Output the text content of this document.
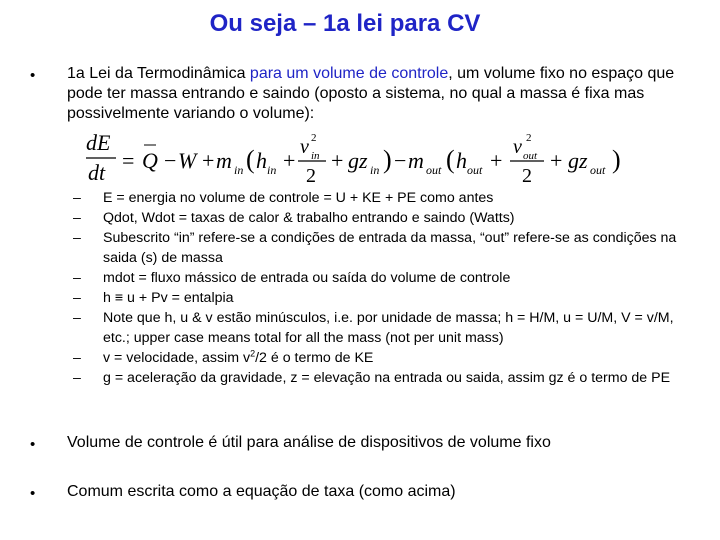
Ou seja – 1a lei para CV
• 1a Lei da Termodinâmica para um volume de controle, um volume fixo no espaço que pode ter massa entrando e saindo (oposto a sistema, no qual a massa é fixa mas possivelmente variando o volume):
dE
dt = Q − W + m in ( h in +
v 2
in
2
+ gz in ) − m out ( h out +
v 2
out
2
+ gz out )
– E = energia no volume de controle = U + KE + PE como antes
– Qdot, Wdot = taxas de calor & trabalho entrando e saindo (Watts)
– Subescrito “in” refere-se a condições de entrada da massa, “out” refere-se as condições na saida (s) de massa
– mdot = fluxo mássico de entrada ou saída do volume de controle
– h ≡ u + Pv = entalpia
– Note que h, u & v estão minúsculos, i.e. por unidade de massa; h = H/M, u = U/M, V = v/M, etc.; upper case means total for all the mass (not per unit mass)
– v = velocidade, assim $v^2/2$ é o termo de KE
– g = aceleração da gravidade, z = elevação na entrada ou saida, assim gz é o termo de PE
• Volume de controle é útil para análise de dispositivos de volume fixo
• Comum escrita como a equação de taxa (como acima)
